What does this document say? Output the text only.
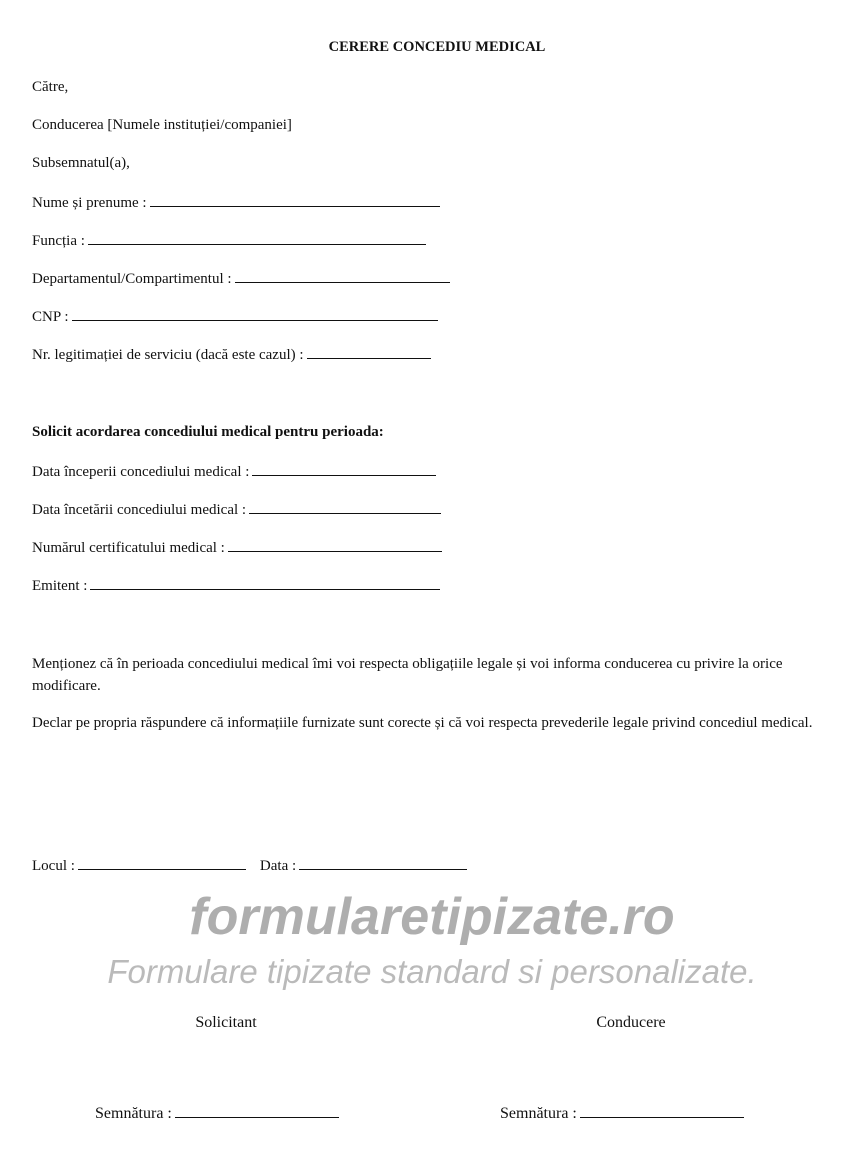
CERERE CONCEDIU MEDICAL
Către,
Conducerea [Numele instituției/companiei]
Subsemnatul(a),
Nume și prenume :
Funcția :
Departamentul/Compartimentul :
CNP :
Nr. legitimației de serviciu (dacă este cazul) :
Solicit acordarea concediului medical pentru perioada:
Data începerii concediului medical :
Data încetării concediului medical :
Numărul certificatului medical :
Emitent :
Menționez că în perioada concediului medical îmi voi respecta obligațiile legale și voi informa conducerea cu privire la orice modificare.
Declar pe propria răspundere că informațiile furnizate sunt corecte și că voi respecta prevederile legale privind concediul medical.
Locul :	Data :
formularetipizate.ro
Formulare tipizate standard si personalizate.
Solicitant	Conducere
Semnătura :	Semnătura :
